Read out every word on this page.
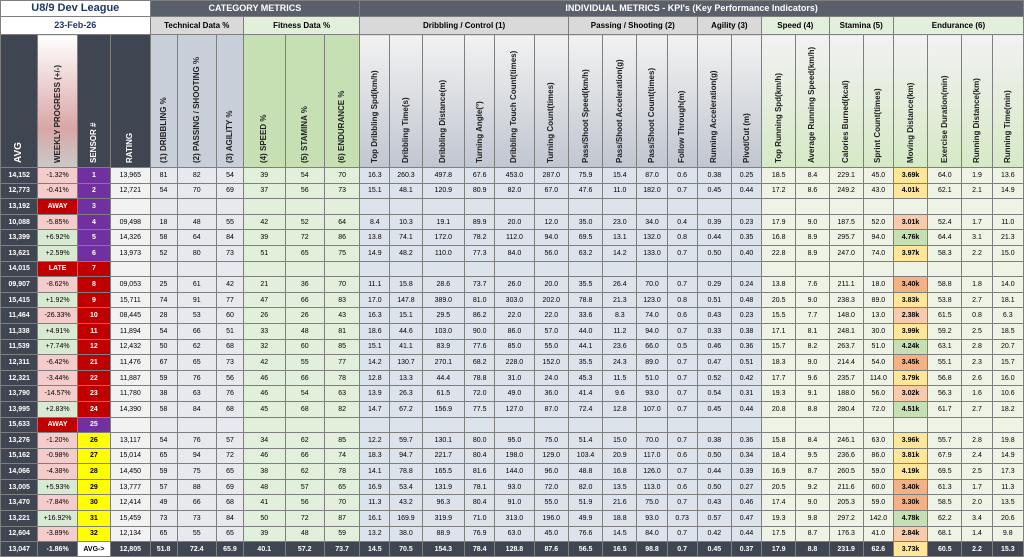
U8/9 Dev League				CATEGORY METRICS						INDIVIDUAL METRICS - KPI's (Key Performance Indicators)																			
23-Feb-26				Technical Data %			Fitness Data %			Dribbling / Control (1)						Passing / Shooting (2)				Agility (3)		Speed (4)		Stamina (5)		Endurance (6)			
AVG	WEEKLY PROGRESS (+/-)	SENSOR #	RATING	(1) DRIBBLING %	(2) PASSING / SHOOTING %	(3) AGILITY %	(4) SPEED %	(5) STAMINA %	(6) ENDURANCE %	Top Dribbling Spd(km/h)	Dribbling Time(s)	Dribbling Distance(m)	Turning Angle(°)	Dribbling Touch Count(times)	Turning Count(times)	Pass/Shoot Speed(km/h)	Pass/Shoot Acceleration(g)	Pass/Shoot Count(times)	Follow Through(m)	Running Acceleration(g)	Pivot/Cut (m)	Top Running Spd(km/h)	Average Running Speed(km/h)	Calories Burned(kcal)	Sprint Count(times)	Moving Distance(km)	Exercise Duration(min)	Running Distance(km)	Running Time(min)
14,152	-1.32%	1	13,965	81	82	54	39	54	70	16.3	260.3	497.8	67.6	453.0	287.0	75.9	15.4	87.0	0.6	0.38	0.25	18.5	8.4	229.1	45.0	3.69k	64.0	1.9	13.6
12,773	-0.41%	2	12,721	54	70	69	37	56	73	15.1	48.1	120.9	80.9	82.0	67.0	47.6	11.0	182.0	0.7	0.45	0.44	17.2	8.6	249.2	43.0	4.01k	62.1	2.1	14.9
13,192	AWAY	3																											
10,088	-5.85%	4	09,498	18	48	55	42	52	64	8.4	10.3	19.1	89.9	20.0	12.0	35.0	23.0	34.0	0.4	0.39	0.23	17.9	9.0	187.5	52.0	3.01k	52.4	1.7	11.0
13,399	+6.92%	5	14,326	58	64	84	39	72	86	13.8	74.1	172.0	78.2	112.0	94.0	69.5	13.1	132.0	0.8	0.44	0.35	16.8	8.9	295.7	94.0	4.76k	64.4	3.1	21.3
13,621	+2.59%	6	13,973	52	80	73	51	65	75	14.9	48.2	110.0	77.3	84.0	56.0	63.2	14.2	133.0	0.7	0.50	0.40	22.8	8.9	247.0	74.0	3.97k	58.3	2.2	15.0
14,015	LATE	7																											
09,907	-8.62%	8	09,053	25	61	42	21	36	70	11.1	15.8	28.6	73.7	26.0	20.0	35.5	26.4	70.0	0.7	0.29	0.24	13.8	7.6	211.1	18.0	3.40k	58.8	1.8	14.0
15,415	+1.92%	9	15,711	74	91	77	47	66	83	17.0	147.8	389.0	81.0	303.0	202.0	78.8	21.3	123.0	0.8	0.51	0.48	20.5	9.0	238.3	89.0	3.83k	53.8	2.7	18.1
11,464	-26.33%	10	08,445	28	53	60	26	26	43	16.3	15.1	29.5	86.2	22.0	22.0	33.6	8.3	74.0	0.6	0.43	0.23	15.5	7.7	148.0	13.0	2.38k	61.5	0.8	6.3
11,338	+4.91%	11	11,894	54	66	51	33	48	81	18.6	44.6	103.0	90.0	86.0	57.0	44.0	11.2	94.0	0.7	0.33	0.38	17.1	8.1	248.1	30.0	3.99k	59.2	2.5	18.5
11,539	+7.74%	12	12,432	50	62	68	32	60	85	15.1	41.1	83.9	77.6	85.0	55.0	44.1	23.6	66.0	0.5	0.46	0.36	15.7	8.2	263.7	51.0	4.24k	63.1	2.8	20.7
12,311	-6.42%	21	11,476	67	65	73	42	55	77	14.2	130.7	270.1	68.2	228.0	152.0	35.5	24.3	89.0	0.7	0.47	0.51	18.3	9.0	214.4	54.0	3.45k	55.1	2.3	15.7
12,321	-3.44%	22	11,887	59	76	56	46	66	78	12.8	13.3	44.4	78.8	31.0	24.0	45.3	11.5	51.0	0.7	0.52	0.42	17.7	9.6	235.7	114.0	3.79k	56.8	2.6	16.0
13,790	-14.57%	23	11,780	38	63	76	46	54	63	13.9	26.3	61.5	72.0	49.0	36.0	41.4	9.6	93.0	0.7	0.54	0.31	19.3	9.1	188.0	56.0	3.02k	56.3	1.6	10.6
13,995	+2.83%	24	14,390	58	84	68	45	68	82	14.7	67.2	156.9	77.5	127.0	87.0	72.4	12.8	107.0	0.7	0.45	0.44	20.8	8.8	280.4	72.0	4.51k	61.7	2.7	18.2
15,633	AWAY	25																											
13,276	-1.20%	26	13,117	54	76	57	34	62	85	12.2	59.7	130.1	80.0	95.0	75.0	51.4	15.0	70.0	0.7	0.38	0.36	15.8	8.4	246.1	63.0	3.96k	55.7	2.8	19.8
15,162	-0.98%	27	15,014	65	94	72	46	66	74	18.3	94.7	221.7	80.4	198.0	129.0	103.4	20.9	117.0	0.6	0.50	0.34	18.4	9.5	236.6	86.0	3.81k	67.9	2.4	14.9
14,066	-4.38%	28	14,450	59	75	65	38	62	78	14.1	78.8	165.5	81.6	144.0	96.0	48.8	16.8	126.0	0.7	0.44	0.39	16.9	8.7	260.5	59.0	4.19k	69.5	2.5	17.3
13,005	+5.93%	29	13,777	57	88	69	48	57	65	16.9	53.4	131.9	78.1	93.0	72.0	82.0	13.5	113.0	0.6	0.50	0.27	20.5	9.2	211.6	60.0	3.40k	61.3	1.7	11.3
13,470	-7.84%	30	12,414	49	66	68	41	56	70	11.3	43.2	96.3	80.4	91.0	55.0	51.9	21.6	75.0	0.7	0.43	0.46	17.4	9.0	205.3	59.0	3.30k	58.5	2.0	13.5
13,221	+16.92%	31	15,459	73	73	84	50	72	87	16.1	169.9	319.9	71.0	313.0	196.0	49.9	18.8	93.0	0.73	0.57	0.47	19.3	9.8	297.2	142.0	4.78k	62.2	3.4	20.6
12,604	-3.89%	32	12,134	65	55	65	39	48	59	13.2	38.0	88.9	76.9	63.0	45.0	76.6	14.5	84.0	0.7	0.42	0.44	17.5	8.7	176.3	41.0	2.84k	68.1	1.4	9.8
13,047	-1.86%	AVG->	12,805	51.8	72.4	65.9	40.1	57.2	73.7	14.5	70.5	154.3	78.4	128.8	87.6	56.5	16.5	98.8	0.7	0.45	0.37	17.9	8.8	231.9	62.6	3.73k	60.5	2.2	15.3
